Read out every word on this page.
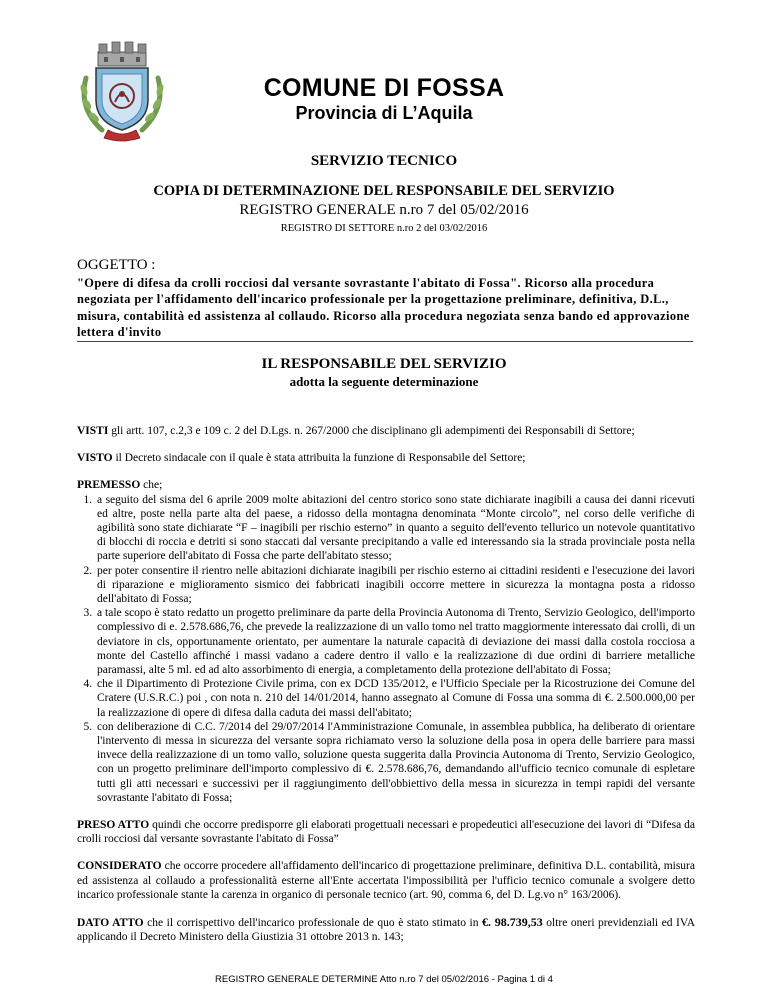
COMUNE DI FOSSA
Provincia di L’Aquila
SERVIZIO TECNICO
COPIA DI DETERMINAZIONE DEL RESPONSABILE DEL SERVIZIO
REGISTRO GENERALE n.ro 7 del 05/02/2016
REGISTRO DI SETTORE n.ro 2 del 03/02/2016
OGGETTO :
"Opere di difesa da crolli rocciosi dal versante sovrastante l'abitato di Fossa". Ricorso alla procedura negoziata per l'affidamento dell'incarico professionale per la progettazione preliminare, definitiva, D.L., misura, contabilità ed assistenza al collaudo. Ricorso alla procedura negoziata senza bando ed approvazione lettera d'invito
IL RESPONSABILE DEL SERVIZIO
adotta la seguente determinazione

VISTI gli artt. 107, c.2,3 e 109 c. 2 del D.Lgs. n. 267/2000 che disciplinano gli adempimenti dei Responsabili di Settore;

VISTO il Decreto sindacale con il quale è stata attribuita la funzione di Responsabile del Settore;

PREMESSO che;

1. a seguito del sisma del 6 aprile 2009 molte abitazioni del centro storico sono state dichiarate inagibili a causa dei danni ricevuti ed altre, poste nella parte alta del paese, a ridosso della montagna denominata “Monte circolo”, nel corso delle verifiche di agibilità sono state dichiarate “F – inagibili per rischio esterno” in quanto a seguito dell'evento tellurico un notevole quantitativo di blocchi di roccia e detriti si sono staccati dal versante precipitando a valle ed interessando sia la strada provinciale posta nella parte superiore dell'abitato di Fossa che parte dell'abitato stesso;
2. per poter consentire il rientro nelle abitazioni dichiarate inagibili per rischio esterno ai cittadini residenti e l'esecuzione dei lavori di riparazione e miglioramento sismico dei fabbricati inagibili occorre mettere in sicurezza la montagna posta a ridosso dell'abitato di Fossa;
3. a tale scopo è stato redatto un progetto preliminare da parte della Provincia Autonoma di Trento, Servizio Geologico, dell'importo complessivo di e. 2.578.686,76, che prevede la realizzazione di un vallo tomo nel tratto maggiormente interessato dai crolli, di un deviatore in cls, opportunamente orientato, per aumentare la naturale capacità di deviazione dei massi dalla costola rocciosa a monte del Castello affinché i massi vadano a cadere dentro il vallo e la realizzazione di due ordini di barriere metalliche paramassi, alte 5 ml. ed ad alto assorbimento di energia, a completamento della protezione dell'abitato di Fossa;
4. che il Dipartimento di Protezione Civile prima, con ex DCD 135/2012, e l'Ufficio Speciale per la Ricostruzione dei Comune del Cratere (U.S.R.C.) poi , con nota n. 210 del 14/01/2014, hanno assegnato al Comune di Fossa una somma di €. 2.500.000,00 per la realizzazione di opere di difesa dalla caduta dei massi dell'abitato;
5. con deliberazione di C.C. 7/2014 del 29/07/2014 l'Amministrazione Comunale, in assemblea pubblica, ha deliberato di orientare l'intervento di messa in sicurezza del versante sopra richiamato verso la soluzione della posa in opera delle barriere para massi invece della realizzazione di un tomo vallo, soluzione questa suggerita dalla Provincia Autonoma di Trento, Servizio Geologico, con un progetto preliminare dell'importo complessivo di €. 2.578.686,76, demandando all'ufficio tecnico comunale di espletare tutti gli atti necessari e successivi per il raggiungimento dell'obbiettivo della messa in sicurezza in tempi rapidi del versante sovrastante l'abitato di Fossa;

PRESO ATTO quindi che occorre predisporre gli elaborati progettuali necessari e propedeutici all'esecuzione dei lavori di “Difesa da crolli rocciosi dal versante sovrastante l'abitato di Fossa”

CONSIDERATO che occorre procedere all'affidamento dell'incarico di progettazione preliminare, definitiva D.L. contabilità, misura ed assistenza al collaudo a professionalità esterne all'Ente accertata l'impossibilità per l'ufficio tecnico comunale a svolgere detto incarico professionale stante la carenza in organico di personale tecnico (art. 90, comma 6, del D. Lg.vo n° 163/2006).

DATO ATTO che il corrispettivo dell'incarico professionale de quo è stato stimato in €. 98.739,53 oltre oneri previdenziali ed IVA applicando il Decreto Ministero della Giustizia 31 ottobre 2013 n. 143;

REGISTRO GENERALE DETERMINE Atto n.ro 7 del 05/02/2016 - Pagina 1 di 4
